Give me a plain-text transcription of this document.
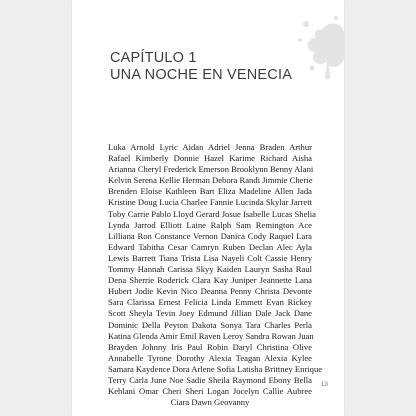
CAPÍTULO 1
UNA NOCHE EN VENECIA
Luka Arnold Lyric Aidan Adriel Jenna Braden Arthur
Rafael Kimberly Donnie Hazel Karime Richard Aisha
Arianna Cheryl Frederick Emerson Brooklynn Benny Alani
Kelvin Serena Kellie Herman Debora Randi Jimmie Cherie
Brenden Eloise Kathleen Bart Eliza Madeline Allen Jada
Kristine Doug Lucia Charlee Fannie Lucinda Skylar Jarrett
Toby Carrie Pablo Lloyd Gerard Josue Isabelle Lucas Shelia
Lynda Jarrod Elliott Laine Ralph Sam Remington Ace
Lilliana Ron Constance Vernon Danica Cody Raquel Lara
Edward Tabitha Cesar Camryn Ruben Declan Alec Ayla
Lewis Barrett Tiana Trista Lisa Nayeli Colt Cassie Henry
Tommy Hannah Carissa Skyy Kaiden Lauryn Sasha Raul
Dena Sherrie Roderick Clara Kay Juniper Jeannette Lana
Hubert Jodie Kevin Nico Deanna Penny Christa Devonte
Sara Clarissa Ernest Felicia Linda Emmett Evan Rickey
Scott Sheyla Tevin Joey Edmund Jillian Dale Jack Dane
Dominic Della Peyton Dakota Sonya Tara Charles Perla
Katina Glenda Amir Emil Raven Leroy Sandra Rowan Juan
Brayden Johnny Iris Paul Robin Daryl Christina Olive
Annabelle Tyrone Dorothy Alexia Teagan Alexia Kylee
Samara Kaydence Dora Arlene Sofia Latisha Brittney Enrique
Terry Carla June Noe Sadie Sheila Raymond Ebony Bella
Kehlani Omar Cheri Sheri Logan Jocelyn Callie Aubree
Ciara Dawn Geovanny
13
